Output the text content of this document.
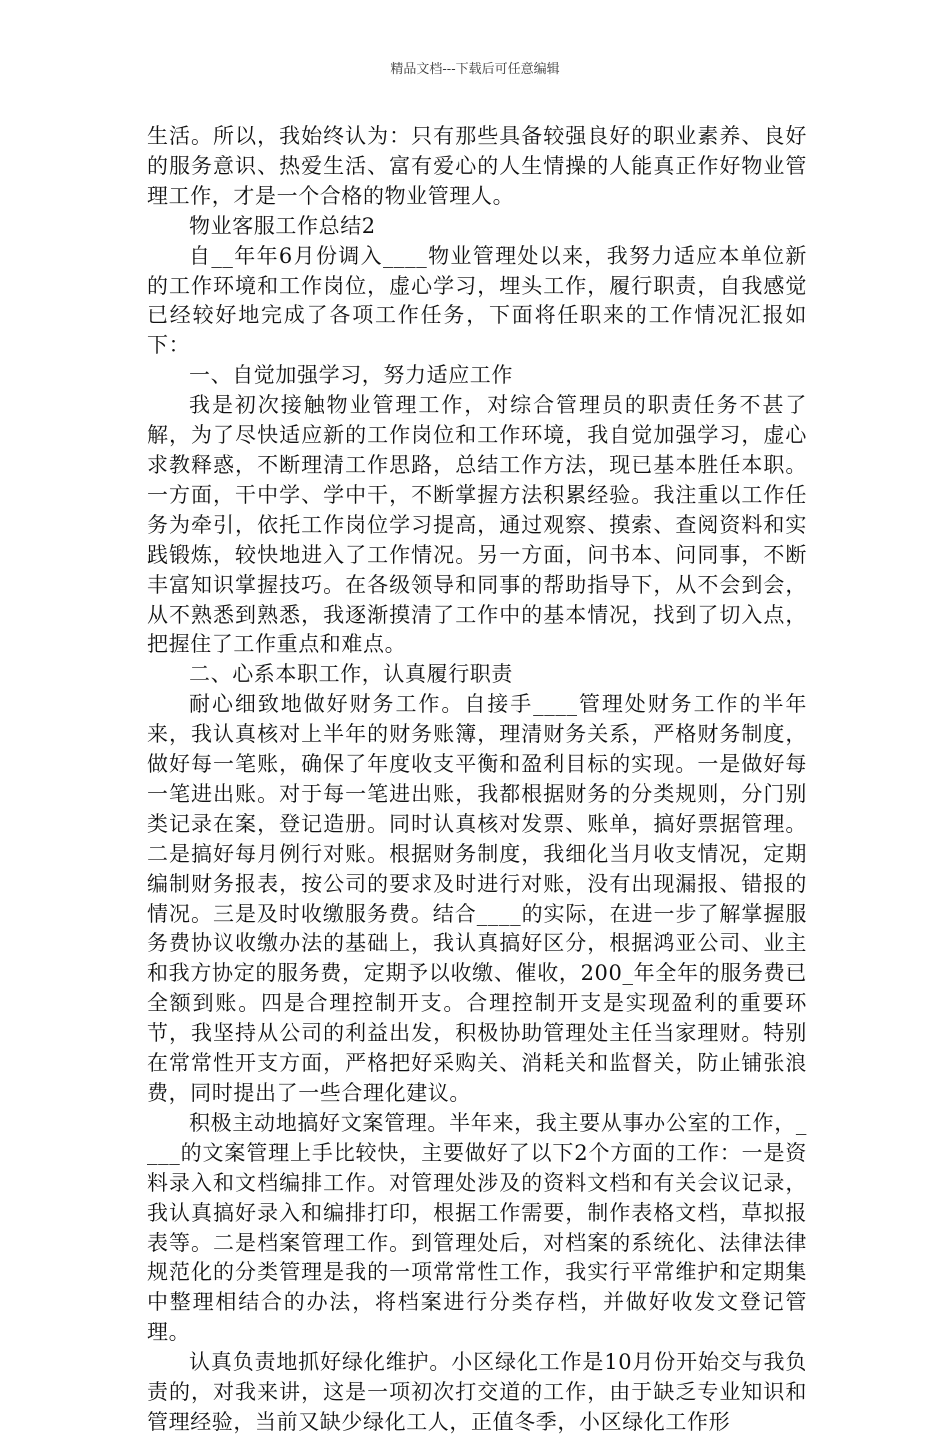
精品文档---下载后可任意编辑

生活。所以，我始终认为：只有那些具备较强良好的职业素养、良好的服务意识、热爱生活、富有爱心的人生情操的人能真正作好物业管理工作，才是一个合格的物业管理人。

物业客服工作总结2

自__年年6月份调入____物业管理处以来，我努力适应本单位新的工作环境和工作岗位，虚心学习，埋头工作，履行职责，自我感觉已经较好地完成了各项工作任务，下面将任职来的工作情况汇报如下：

一、自觉加强学习，努力适应工作

我是初次接触物业管理工作，对综合管理员的职责任务不甚了解，为了尽快适应新的工作岗位和工作环境，我自觉加强学习，虚心求教释惑，不断理清工作思路，总结工作方法，现已基本胜任本职。一方面，干中学、学中干，不断掌握方法积累经验。我注重以工作任务为牵引，依托工作岗位学习提高，通过观察、摸索、查阅资料和实践锻炼，较快地进入了工作情况。另一方面，问书本、问同事，不断丰富知识掌握技巧。在各级领导和同事的帮助指导下，从不会到会，从不熟悉到熟悉，我逐渐摸清了工作中的基本情况，找到了切入点，把握住了工作重点和难点。

二、心系本职工作，认真履行职责

耐心细致地做好财务工作。自接手____管理处财务工作的半年来，我认真核对上半年的财务账簿，理清财务关系，严格财务制度，做好每一笔账，确保了年度收支平衡和盈利目标的实现。一是做好每一笔进出账。对于每一笔进出账，我都根据财务的分类规则，分门别类记录在案，登记造册。同时认真核对发票、账单，搞好票据管理。二是搞好每月例行对账。根据财务制度，我细化当月收支情况，定期编制财务报表，按公司的要求及时进行对账，没有出现漏报、错报的情况。三是及时收缴服务费。结合____的实际，在进一步了解掌握服务费协议收缴办法的基础上，我认真搞好区分，根据鸿亚公司、业主和我方协定的服务费，定期予以收缴、催收，200_年全年的服务费已全额到账。四是合理控制开支。合理控制开支是实现盈利的重要环节，我坚持从公司的利益出发，积极协助管理处主任当家理财。特别在常常性开支方面，严格把好采购关、消耗关和监督关，防止铺张浪费，同时提出了一些合理化建议。

积极主动地搞好文案管理。半年来，我主要从事办公室的工作，____的文案管理上手比较快，主要做好了以下2个方面的工作：一是资料录入和文档编排工作。对管理处涉及的资料文档和有关会议记录，我认真搞好录入和编排打印，根据工作需要，制作表格文档，草拟报表等。二是档案管理工作。到管理处后，对档案的系统化、法律法律规范化的分类管理是我的一项常常性工作，我实行平常维护和定期集中整理相结合的办法，将档案进行分类存档，并做好收发文登记管理。

认真负责地抓好绿化维护。小区绿化工作是10月份开始交与我负责的，对我来讲，这是一项初次打交道的工作，由于缺乏专业知识和管理经验，当前又缺少绿化工人，正值冬季，小区绿化工作形
